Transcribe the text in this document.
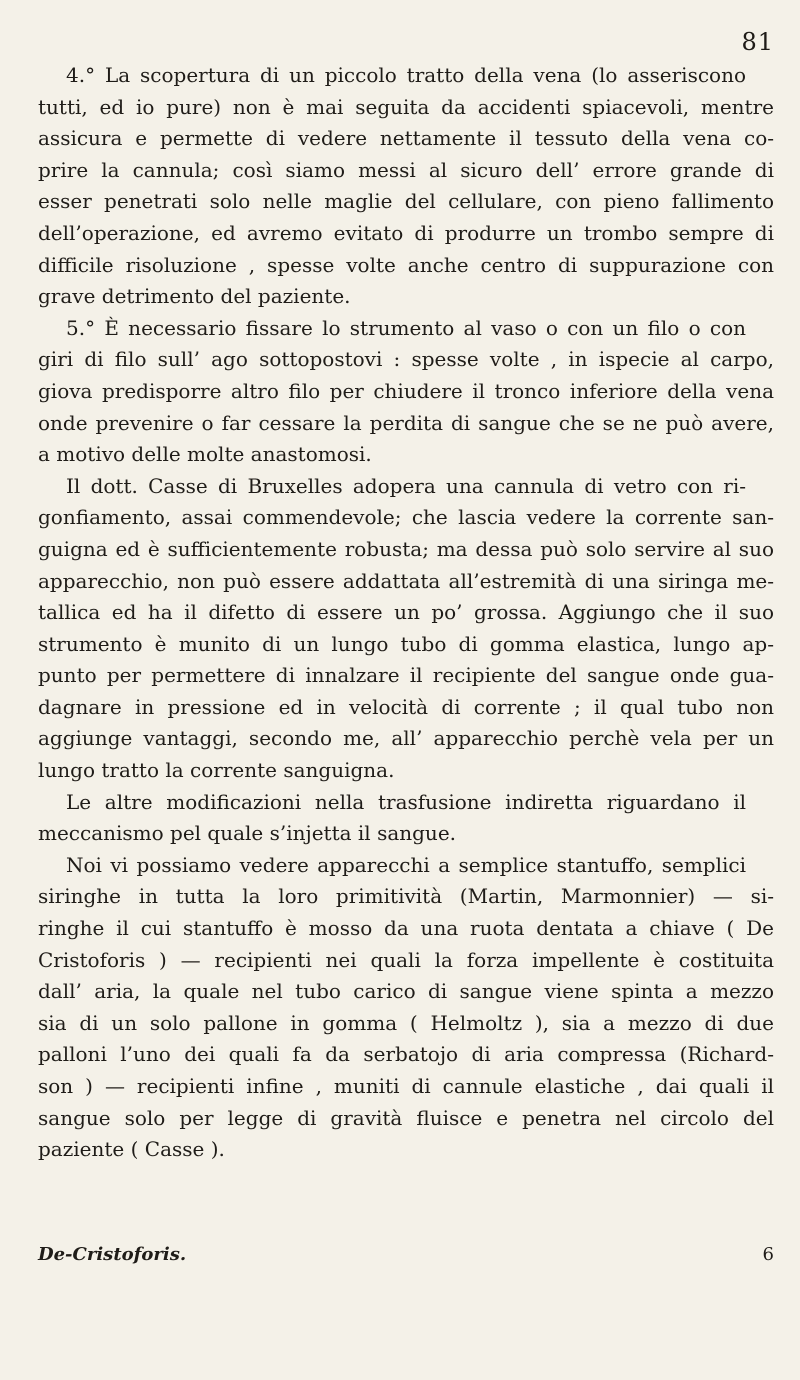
81
4.° La scopertura di un piccolo tratto della vena (lo asseriscono
tutti, ed io pure) non è mai seguita da accidenti spiacevoli, mentre
assicura e permette di vedere nettamente il tessuto della vena co-
prire la cannula; così siamo messi al sicuro dell’ errore grande di
esser penetrati solo nelle maglie del cellulare, con pieno fallimento
dell’operazione, ed avremo evitato di produrre un trombo sempre di
difficile risoluzione , spesse volte anche centro di suppurazione con
grave detrimento del paziente.
5.° È necessario fissare lo strumento al vaso o con un filo o con
giri di filo sull’ ago sottopostovi : spesse volte , in ispecie al carpo,
giova predisporre altro filo per chiudere il tronco inferiore della vena
onde prevenire o far cessare la perdita di sangue che se ne può avere,
a motivo delle molte anastomosi.
Il dott. Casse di Bruxelles adopera una cannula di vetro con ri-
gonfiamento, assai commendevole; che lascia vedere la corrente san-
guigna ed è sufficientemente robusta; ma dessa può solo servire al suo
apparecchio, non può essere addattata all’estremità di una siringa me-
tallica ed ha il difetto di essere un po’ grossa. Aggiungo che il suo
strumento è munito di un lungo tubo di gomma elastica, lungo ap-
punto per permettere di innalzare il recipiente del sangue onde gua-
dagnare in pressione ed in velocità di corrente ; il qual tubo non
aggiunge vantaggi, secondo me, all’ apparecchio perchè vela per un
lungo tratto la corrente sanguigna.
Le altre modificazioni nella trasfusione indiretta riguardano il
meccanismo pel quale s’injetta il sangue.
Noi vi possiamo vedere apparecchi a semplice stantuffo, semplici
siringhe in tutta la loro primitività (Martin, Marmonnier) — si-
ringhe il cui stantuffo è mosso da una ruota dentata a chiave ( De
Cristoforis ) — recipienti nei quali la forza impellente è costituita
dall’ aria, la quale nel tubo carico di sangue viene spinta a mezzo
sia di un solo pallone in gomma ( Helmoltz ), sia a mezzo di due
palloni l’uno dei quali fa da serbatojo di aria compressa (Richard-
son ) — recipienti infine , muniti di cannule elastiche , dai quali il
sangue solo per legge di gravità fluisce e penetra nel circolo del
paziente ( Casse ).
De-Cristoforis.	6
